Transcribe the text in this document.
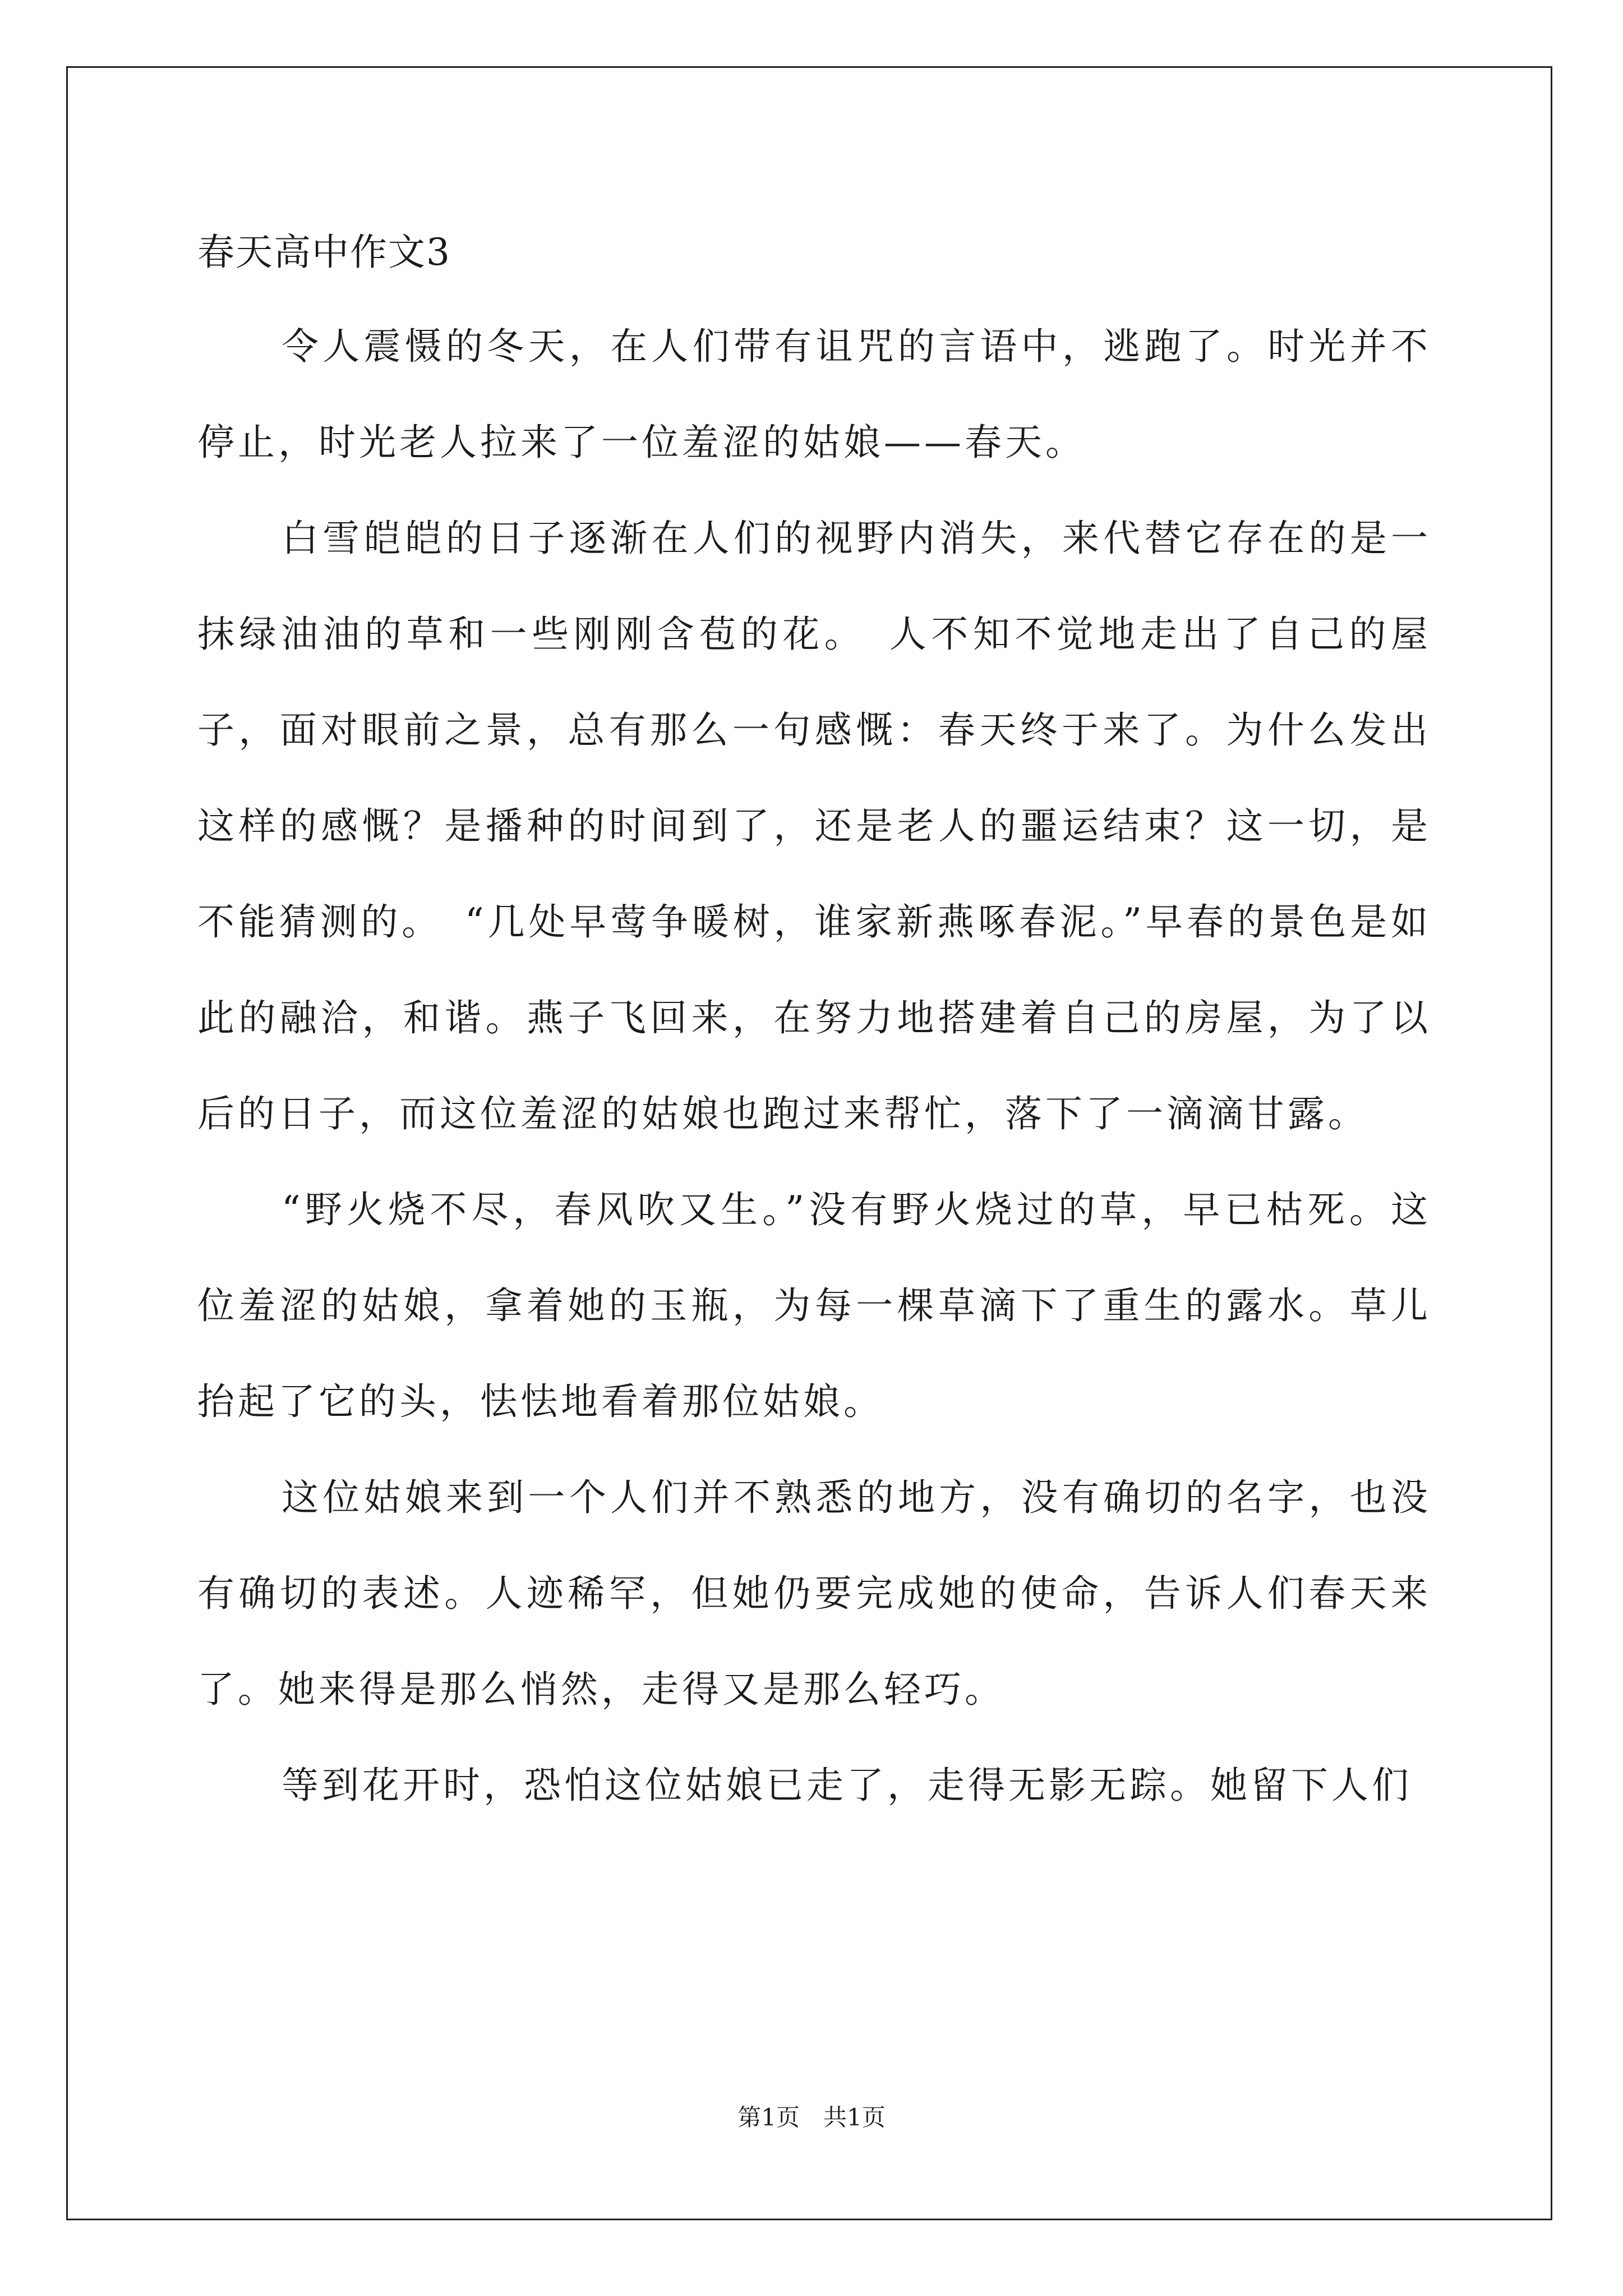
春天高中作文3

令人震慑的冬天，在人们带有诅咒的言语中，逃跑了。时光并不停止，时光老人拉来了一位羞涩的姑娘——春天。

白雪皑皑的日子逐渐在人们的视野内消失，来代替它存在的是一抹绿油油的草和一些刚刚含苞的花。　人不知不觉地走出了自己的屋子，面对眼前之景，总有那么一句感慨：春天终于来了。为什么发出这样的感慨？是播种的时间到了，还是老人的噩运结束？这一切，是不能猜测的。　“几处早莺争暖树，谁家新燕啄春泥。”早春的景色是如此的融洽，和谐。燕子飞回来，在努力地搭建着自己的房屋，为了以后的日子，而这位羞涩的姑娘也跑过来帮忙，落下了一滴滴甘露。

“野火烧不尽，春风吹又生。”没有野火烧过的草，早已枯死。这位羞涩的姑娘，拿着她的玉瓶，为每一棵草滴下了重生的露水。草儿抬起了它的头，怯怯地看着那位姑娘。

这位姑娘来到一个人们并不熟悉的地方，没有确切的名字，也没有确切的表述。人迹稀罕，但她仍要完成她的使命，告诉人们春天来了。她来得是那么悄然，走得又是那么轻巧。

等到花开时，恐怕这位姑娘已走了，走得无影无踪。她留下人们

第1页　共1页
